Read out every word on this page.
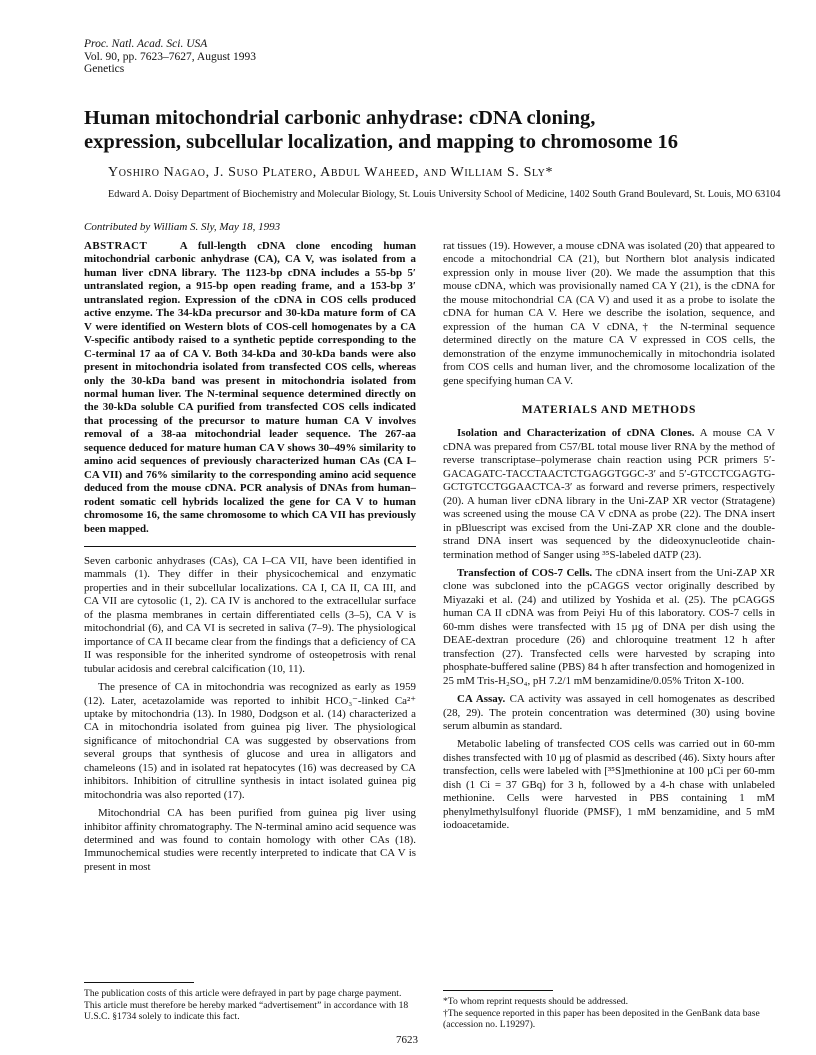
Proc. Natl. Acad. Sci. USA
Vol. 90, pp. 7623–7627, August 1993
Genetics
Human mitochondrial carbonic anhydrase: cDNA cloning,
expression, subcellular localization, and mapping to chromosome 16
Yoshiro Nagao, J. Suso Platero, Abdul Waheed, and William S. Sly*
Edward A. Doisy Department of Biochemistry and Molecular Biology, St. Louis University School of Medicine, 1402 South Grand Boulevard, St. Louis, MO 63104
Contributed by William S. Sly, May 18, 1993

ABSTRACT	A full-length cDNA clone encoding human mitochondrial carbonic anhydrase (CA), CA V, was isolated from a human liver cDNA library. The 1123-bp cDNA includes a 55-bp 5′ untranslated region, a 915-bp open reading frame, and a 153-bp 3′ untranslated region. Expression of the cDNA in COS cells produced active enzyme. The 34-kDa precursor and 30-kDa mature form of CA V were identified on Western blots of COS-cell homogenates by a CA V-specific antibody raised to a synthetic peptide corresponding to the C-terminal 17 aa of CA V. Both 34-kDa and 30-kDa bands were also present in mitochondria isolated from transfected COS cells, whereas only the 30-kDa band was present in mitochondria isolated from normal human liver. The N-terminal sequence determined directly on the 30-kDa soluble CA purified from transfected COS cells indicated that processing of the precursor to mature human CA V involves removal of a 38-aa mitochondrial leader sequence. The 267-aa sequence deduced for mature human CA V shows 30–49% similarity to amino acid sequences of previously characterized human CAs (CA I–CA VII) and 76% similarity to the corresponding amino acid sequence deduced from the mouse cDNA. PCR analysis of DNAs from human–rodent somatic cell hybrids localized the gene for CA V to human chromosome 16, the same chromosome to which CA VII has previously been mapped.

Seven carbonic anhydrases (CAs), CA I–CA VII, have been identified in mammals (1). They differ in their physicochemical and enzymatic properties and in their subcellular localizations. CA I, CA II, CA III, and CA VII are cytosolic (1, 2). CA IV is anchored to the extracellular surface of the plasma membranes in certain differentiated cells (3–5), CA V is mitochondrial (6), and CA VI is secreted in saliva (7–9). The physiological importance of CA II became clear from the findings that a deficiency of CA II was responsible for the inherited syndrome of osteopetrosis with renal tubular acidosis and cerebral calcification (10, 11).

The presence of CA in mitochondria was recognized as early as 1959 (12). Later, acetazolamide was reported to inhibit HCO₃⁻-linked Ca²⁺ uptake by mitochondria (13). In 1980, Dodgson et al. (14) characterized a CA in mitochondria isolated from guinea pig liver. The physiological significance of mitochondrial CA was suggested by observations from several groups that synthesis of glucose and urea in alligators and chameleons (15) and in isolated rat hepatocytes (16) was decreased by CA inhibitors. Inhibition of citrulline synthesis in intact isolated guinea pig mitochondria was also reported (17).

Mitochondrial CA has been purified from guinea pig liver using inhibitor affinity chromatography. The N-terminal amino acid sequence was determined and was found to contain homology with other CAs (18). Immunochemical studies were recently interpreted to indicate that CA V is present in most

rat tissues (19). However, a mouse cDNA was isolated (20) that appeared to encode a mitochondrial CA (21), but Northern blot analysis indicated expression only in mouse liver (20). We made the assumption that this mouse cDNA, which was provisionally named CA Y (21), is the cDNA for the mouse mitochondrial CA (CA V) and used it as a probe to isolate the cDNA for human CA V. Here we describe the isolation, sequence, and expression of the human CA V cDNA,† the N-terminal sequence determined directly on the mature CA V expressed in COS cells, the demonstration of the enzyme immunochemically in mitochondria isolated from COS cells and human liver, and the chromosome localization of the gene specifying human CA V.

MATERIALS AND METHODS

Isolation and Characterization of cDNA Clones. A mouse CA V cDNA was prepared from C57/BL total mouse liver RNA by the method of reverse transcriptase–polymerase chain reaction using PCR primers 5′-GACAGATC-TACCTAACTCTGAGGTGGC-3′ and 5′-GTCCTCGAGTG-GCTGTCCTGGAACTCA-3′ as forward and reverse primers, respectively (20). A human liver cDNA library in the Uni-ZAP XR vector (Stratagene) was screened using the mouse CA V cDNA as probe (22). The DNA insert in pBluescript was excised from the Uni-ZAP XR clone and the double-strand DNA insert was sequenced by the dideoxynucleotide chain-termination method of Sanger using ³⁵S-labeled dATP (23).

Transfection of COS-7 Cells. The cDNA insert from the Uni-ZAP XR clone was subcloned into the pCAGGS vector originally described by Miyazaki et al. (24) and utilized by Yoshida et al. (25). The pCAGGS human CA II cDNA was from Peiyi Hu of this laboratory. COS-7 cells in 60-mm dishes were transfected with 15 µg of DNA per dish using the DEAE-dextran procedure (26) and chloroquine treatment 12 h after transfection (27). Transfected cells were harvested by scraping into phosphate-buffered saline (PBS) 84 h after transfection and homogenized in 25 mM Tris-H₂SO₄, pH 7.2/1 mM benzamidine/0.05% Triton X-100.

CA Assay. CA activity was assayed in cell homogenates as described (28, 29). The protein concentration was determined (30) using bovine serum albumin as standard.

Metabolic labeling of transfected COS cells was carried out in 60-mm dishes transfected with 10 µg of plasmid as described (46). Sixty hours after transfection, cells were labeled with [³⁵S]methionine at 100 µCi per 60-mm dish (1 Ci = 37 GBq) for 3 h, followed by a 4-h chase with unlabeled methionine. Cells were harvested in PBS containing 1 mM phenylmethylsulfonyl fluoride (PMSF), 1 mM benzamidine, and 5 mM iodoacetamide.

The publication costs of this article were defrayed in part by page charge payment. This article must therefore be hereby marked “advertisement” in accordance with 18 U.S.C. §1734 solely to indicate this fact.
*To whom reprint requests should be addressed.
†The sequence reported in this paper has been deposited in the GenBank data base (accession no. L19297).
7623
